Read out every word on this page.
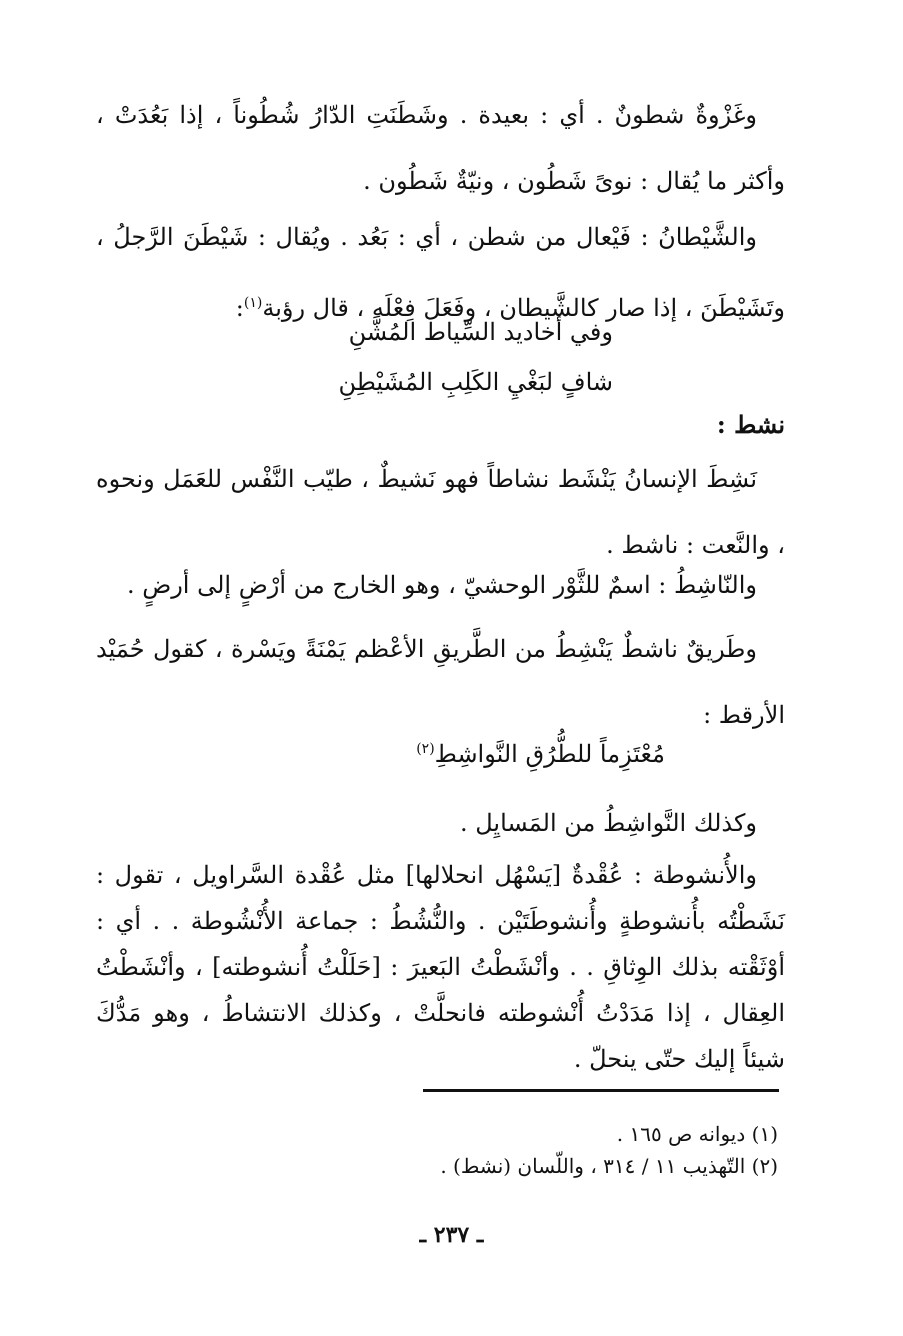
وغَزْوةٌ شطونٌ . أي : بعيدة . وشَطَنَتِ الدّارُ شُطُوناً ، إذا بَعُدَتْ ، وأكثر ما يُقال : نوىً شَطُون ، ونيّةٌ شَطُون .

والشَّيْطانُ : فَيْعال من شطن ، أي : بَعُد . ويُقال : شَيْطَنَ الرَّجلُ ، وتَشَيْطَنَ ، إذا صار كالشَّيطان ، وفَعَلَ فِعْلَه ، قال رؤبة$^{(١)}$:

وفي أخاديد السِّياط المُشَّنِ
شافٍ لبَغْيِ الكَلِبِ المُشَيْطِنِ
نشط :

نَشِطَ الإنسانُ يَنْشَط نشاطاً فهو نَشيطٌ ، طيّب النَّفْس للعَمَل ونحوه ، والنَّعت : ناشط .

والنّاشِطُ : اسمٌ للثَّوْر الوحشيّ ، وهو الخارج من أرْضٍ إلى أرضٍ .

وطَريقٌ ناشطٌ يَنْشِطُ من الطَّريقِ الأعْظم يَمْنَةً ويَسْرة ، كقول حُمَيْد الأرقط :

مُعْتَزِماً للطُّرُقِ النَّواشِطِ$^{(٢)}$

وكذلك النَّواشِطُ من المَسايِل .

والأُنشوطة : عُقْدةٌ [يَسْهُل انحلالها] مثل عُقْدة السَّراويل ، تقول : نَشَطْتُه بأُنشوطةٍ وأُنشوطَتَيْن . والنُّشُطُ : جماعة الأُنْشُوطة . . أي : أوْثَقْته بذلك الوِثاقِ . . وأنْشَطْتُ البَعيرَ : [حَلَلْتُ أُنشوطته] ، وأنْشَطْتُ العِقال ، إذا مَدَدْتُ أُنْشوطته فانحلَّتْ ، وكذلك الانتشاطُ ، وهو مَدُّكَ شيئاً إليك حتّى ينحلّ .

(١) ديوانه ص ١٦٥ .
(٢) التّهذيب ١١ / ٣١٤ ، واللّسان (نشط) .
ـ ٢٣٧ ـ
